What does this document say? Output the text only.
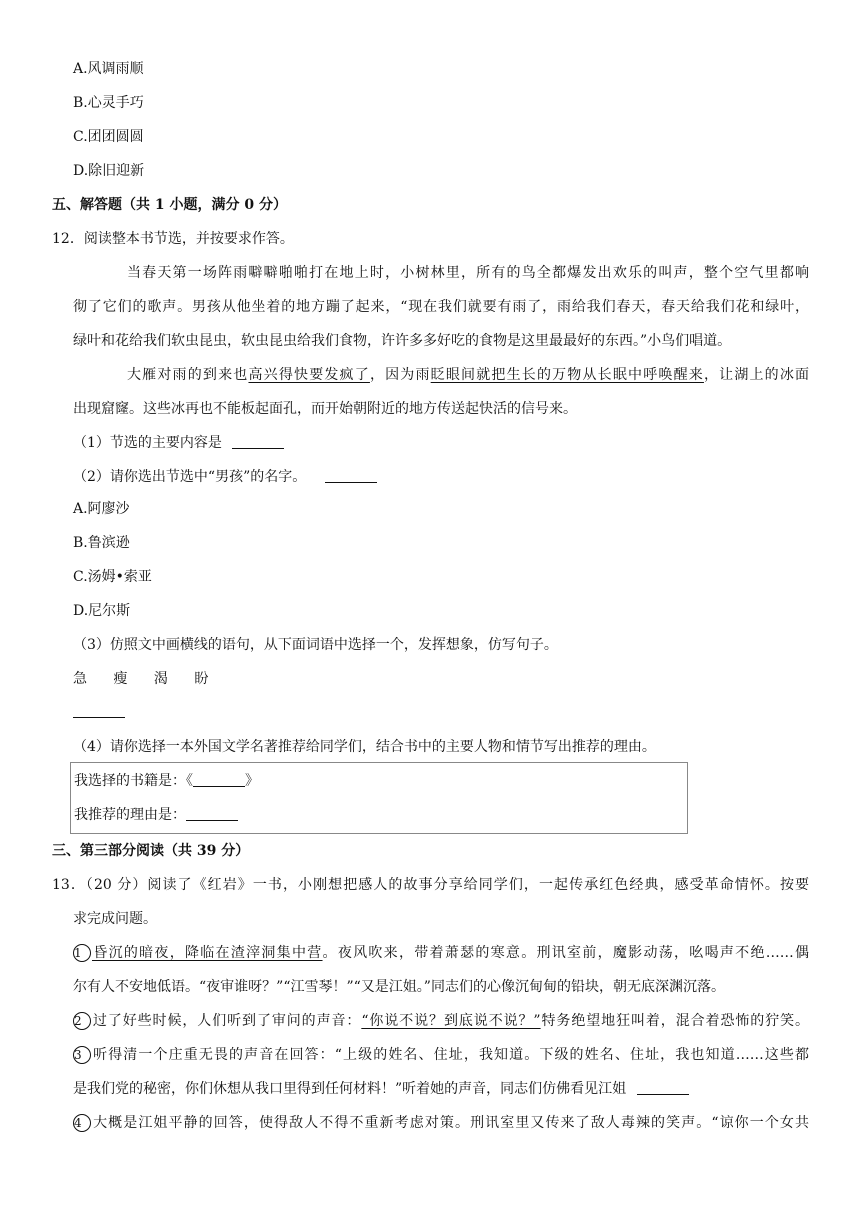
A.风调雨顺
B.心灵手巧
C.团团圆圆
D.除旧迎新
五、解答题（共 1 小题，满分 0 分）
12．阅读整本书节选，并按要求作答。
当春天第一场阵雨噼噼啪啪打在地上时，小树林里，所有的鸟全都爆发出欢乐的叫声，整个空气里都响
彻了它们的歌声。男孩从他坐着的地方蹦了起来，“现在我们就要有雨了，雨给我们春天，春天给我们花和绿叶，
绿叶和花给我们软虫昆虫，软虫昆虫给我们食物，许许多多好吃的食物是这里最最好的东西。”小鸟们唱道。
大雁对雨的到来也高兴得快要发疯了，因为雨眨眼间就把生长的万物从长眠中呼唤醒来，让湖上的冰面
出现窟窿。这些冰再也不能板起面孔，而开始朝附近的地方传送起快活的信号来。
（1）节选的主要内容是
（2）请你选出节选中“男孩”的名字。
A.阿廖沙
B.鲁滨逊
C.汤姆•索亚
D.尼尔斯
（3）仿照文中画横线的语句，从下面词语中选择一个，发挥想象，仿写句子。
急 瘦 渴 盼
（4）请你选择一本外国文学名著推荐给同学们，结合书中的主要人物和情节写出推荐的理由。
我选择的书籍是：《	》
我推荐的理由是：
三、第三部分阅读（共 39 分）
13．（20 分）阅读了《红岩》一书，小刚想把感人的故事分享给同学们，一起传承红色经典，感受革命情怀。按要
求完成问题。
1 昏沉的暗夜，降临在渣滓洞集中营。夜风吹来，带着萧瑟的寒意。刑讯室前，魔影动荡，吆喝声不绝……偶
尔有人不安地低语。“夜审谁呀？”“江雪琴！”“又是江姐。”同志们的心像沉甸甸的铅块，朝无底深渊沉落。
2 过了好些时候，人们听到了审问的声音：“你说不说？到底说不说？”特务绝望地狂叫着，混合着恐怖的狞笑。
3 听得清一个庄重无畏的声音在回答：“上级的姓名、住址，我知道。下级的姓名、住址，我也知道……这些都
是我们党的秘密，你们休想从我口里得到任何材料！”听着她的声音，同志们仿佛看见江姐
4 大概是江姐平静的回答，使得敌人不得不重新考虑对策。刑讯室里又传来了敌人毒辣的笑声。“谅你一个女共
